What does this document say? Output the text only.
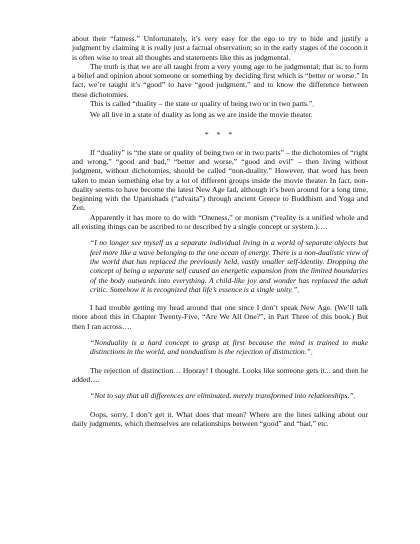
about their “fatness.” Unfortunately, it’s very easy for the ego to try to hide and justify a judgment by claiming it is really just a factual observation; so in the early stages of the cocoon it is often wise to treat all thoughts and statements like this as judgmental.

The truth is that we are all taught from a very young age to be judgmental; that is, to form a belief and opinion about someone or something by deciding first which is “better or worse.” In fact, we’re taught it’s “good” to have “good judgment,” and to know the difference between these dichotomies.

This is called “duality – the state or quality of being two or in two parts.”₂

We all live in a state of duality as long as we are inside the movie theater.

* * *

If “duality” is “the state or quality of being two or in two parts” – the dichotomies of “right and wrong,” “good and bad,” “better and worse,” “good and evil” – then living without judgment, without dichotomies, should be called “non-duality.” However, that word has been taken to mean something else by a lot of different groups inside the movie theater. In fact, non-duality seems to have become the latest New Age fad, although it’s been around for a long time, beginning with the Upanishads (“advaita”) through ancient Greece to Buddhism and Yoga and Zen.

Apparently it has more to do with “Oneness,” or monism (“reality is a unified whole and all existing things can be ascribed to or described by a single concept or system.)….

“I no longer see myself as a separate individual living in a world of separate objects but feel more like a wave belonging to the one ocean of energy. There is a non-dualistic view of the world that has replaced the previously held, vastly smaller self-identity. Dropping the concept of being a separate self caused an energetic expansion from the limited boundaries of the body outwards into everything. A child-like joy and wonder has replaced the adult critic. Somehow it is recognized that life’s essence is a single unity.”₃

I had trouble getting my head around that one since I don’t speak New Age. (We’ll talk more about this in Chapter Twenty-Five, “Are We All One?”, in Part Three of this book.) But then I ran across….

“Nonduality is a hard concept to grasp at first because the mind is trained to make distinctions in the world, and nondualism is the rejection of distinction.”₄

The rejection of distinction… Hooray! I thought. Looks like someone gets it... and then he added….

“Not to say that all differences are eliminated, merely transformed into relationships.”₅

Oops, sorry, I don’t get it. What does that mean? Where are the lines talking about our daily judgments, which themselves are relationships between “good” and “bad,” etc.
